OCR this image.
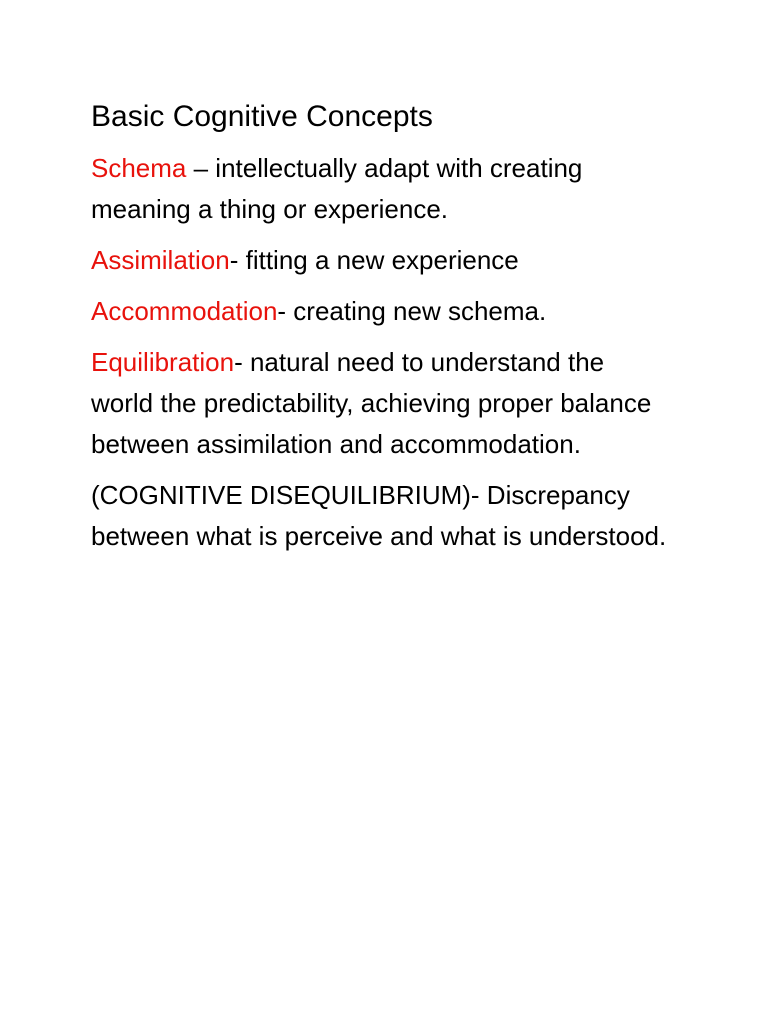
Basic Cognitive Concepts

Schema – intellectually adapt with creating meaning a thing or experience.

Assimilation- fitting a new experience

Accommodation- creating new schema.

Equilibration- natural need to understand the world the predictability, achieving proper balance between assimilation and accommodation.

(COGNITIVE DISEQUILIBRIUM)- Discrepancy between what is perceive and what is understood.
